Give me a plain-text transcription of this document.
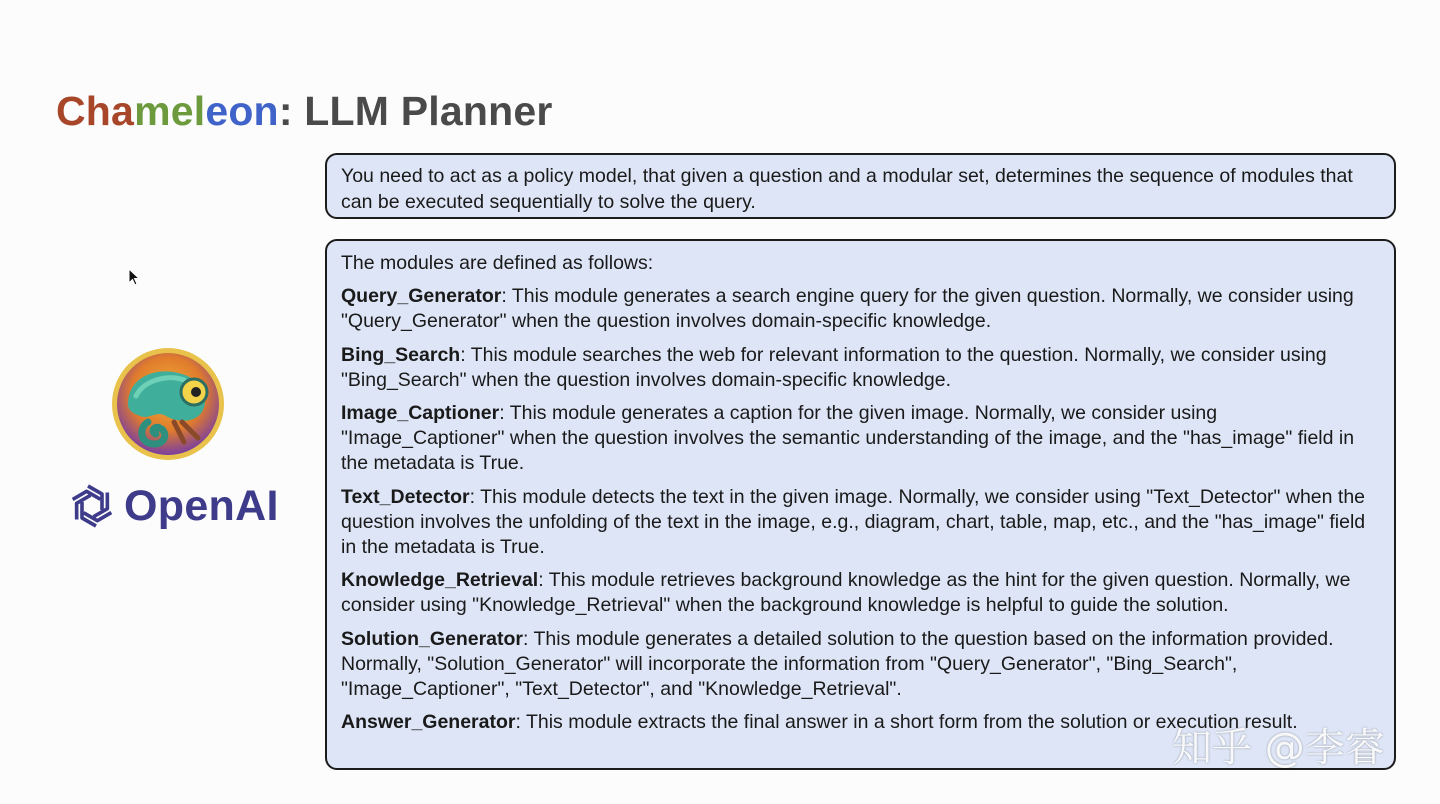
Chameleon: LLM Planner
You need to act as a policy model, that given a question and a modular set, determines the sequence of modules that can be executed sequentially to solve the query.
The modules are defined as follows:
Query_Generator: This module generates a search engine query for the given question. Normally, we consider using "Query_Generator" when the question involves domain-specific knowledge.
Bing_Search: This module searches the web for relevant information to the question. Normally, we consider using "Bing_Search" when the question involves domain-specific knowledge.
Image_Captioner: This module generates a caption for the given image. Normally, we consider using "Image_Captioner" when the question involves the semantic understanding of the image, and the "has_image" field in the metadata is True.
Text_Detector: This module detects the text in the given image. Normally, we consider using "Text_Detector" when the question involves the unfolding of the text in the image, e.g., diagram, chart, table, map, etc., and the "has_image" field in the metadata is True.
Knowledge_Retrieval: This module retrieves background knowledge as the hint for the given question. Normally, we consider using "Knowledge_Retrieval" when the background knowledge is helpful to guide the solution.
Solution_Generator: This module generates a detailed solution to the question based on the information provided. Normally, "Solution_Generator" will incorporate the information from "Query_Generator", "Bing_Search", "Image_Captioner", "Text_Detector", and "Knowledge_Retrieval".
Answer_Generator: This module extracts the final answer in a short form from the solution or execution result.
OpenAI
知乎 @李睿
